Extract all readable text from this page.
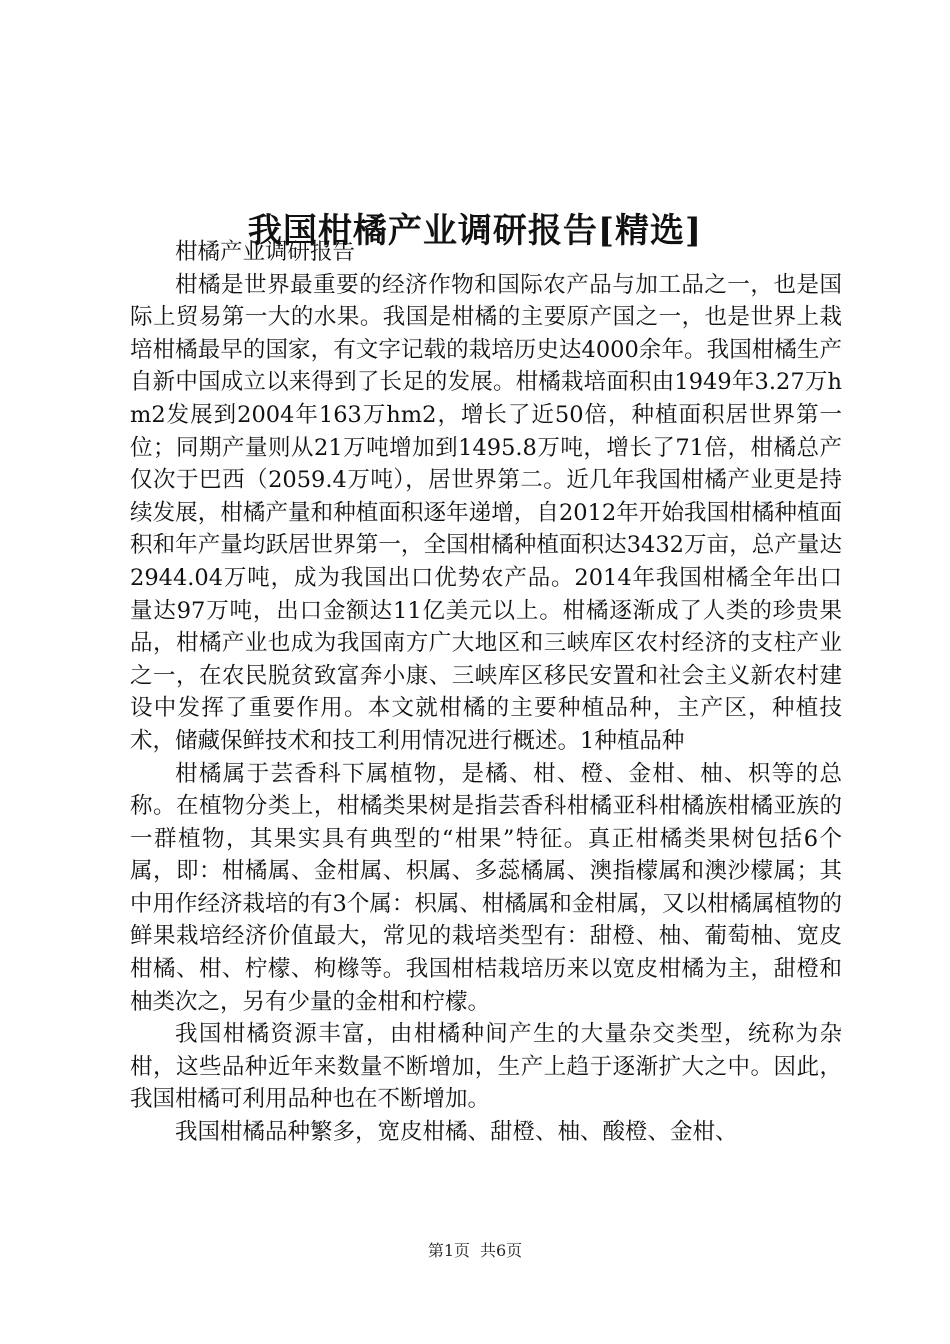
我国柑橘产业调研报告[精选]

柑橘产业调研报告

柑橘是世界最重要的经济作物和国际农产品与加工品之一，也是国际上贸易第一大的水果。我国是柑橘的主要原产国之一，也是世界上栽培柑橘最早的国家，有文字记载的栽培历史达4000余年。我国柑橘生产自新中国成立以来得到了长足的发展。柑橘栽培面积由1949年3.27万hm2发展到2004年163万hm2，增长了近50倍，种植面积居世界第一位；同期产量则从21万吨增加到1495.8万吨，增长了71倍，柑橘总产仅次于巴西（2059.4万吨），居世界第二。近几年我国柑橘产业更是持续发展，柑橘产量和种植面积逐年递增，自2012年开始我国柑橘种植面积和年产量均跃居世界第一，全国柑橘种植面积达3432万亩，总产量达2944.04万吨，成为我国出口优势农产品。2014年我国柑橘全年出口量达97万吨，出口金额达11亿美元以上。柑橘逐渐成了人类的珍贵果品，柑橘产业也成为我国南方广大地区和三峡库区农村经济的支柱产业之一，在农民脱贫致富奔小康、三峡库区移民安置和社会主义新农村建设中发挥了重要作用。本文就柑橘的主要种植品种，主产区，种植技术，储藏保鲜技术和技工利用情况进行概述。1种植品种

柑橘属于芸香科下属植物，是橘、柑、橙、金柑、柚、枳等的总称。在植物分类上，柑橘类果树是指芸香科柑橘亚科柑橘族柑橘亚族的一群植物，其果实具有典型的“柑果”特征。真正柑橘类果树包括6个属，即：柑橘属、金柑属、枳属、多蕊橘属、澳指檬属和澳沙檬属；其中用作经济栽培的有3个属：枳属、柑橘属和金柑属，又以柑橘属植物的鲜果栽培经济价值最大，常见的栽培类型有：甜橙、柚、葡萄柚、宽皮柑橘、柑、柠檬、枸橼等。我国柑桔栽培历来以宽皮柑橘为主，甜橙和柚类次之，另有少量的金柑和柠檬。

我国柑橘资源丰富，由柑橘种间产生的大量杂交类型，统称为杂柑，这些品种近年来数量不断增加，生产上趋于逐渐扩大之中。因此，我国柑橘可利用品种也在不断增加。

我国柑橘品种繁多，宽皮柑橘、甜橙、柚、酸橙、金柑、

第1页 共6页
